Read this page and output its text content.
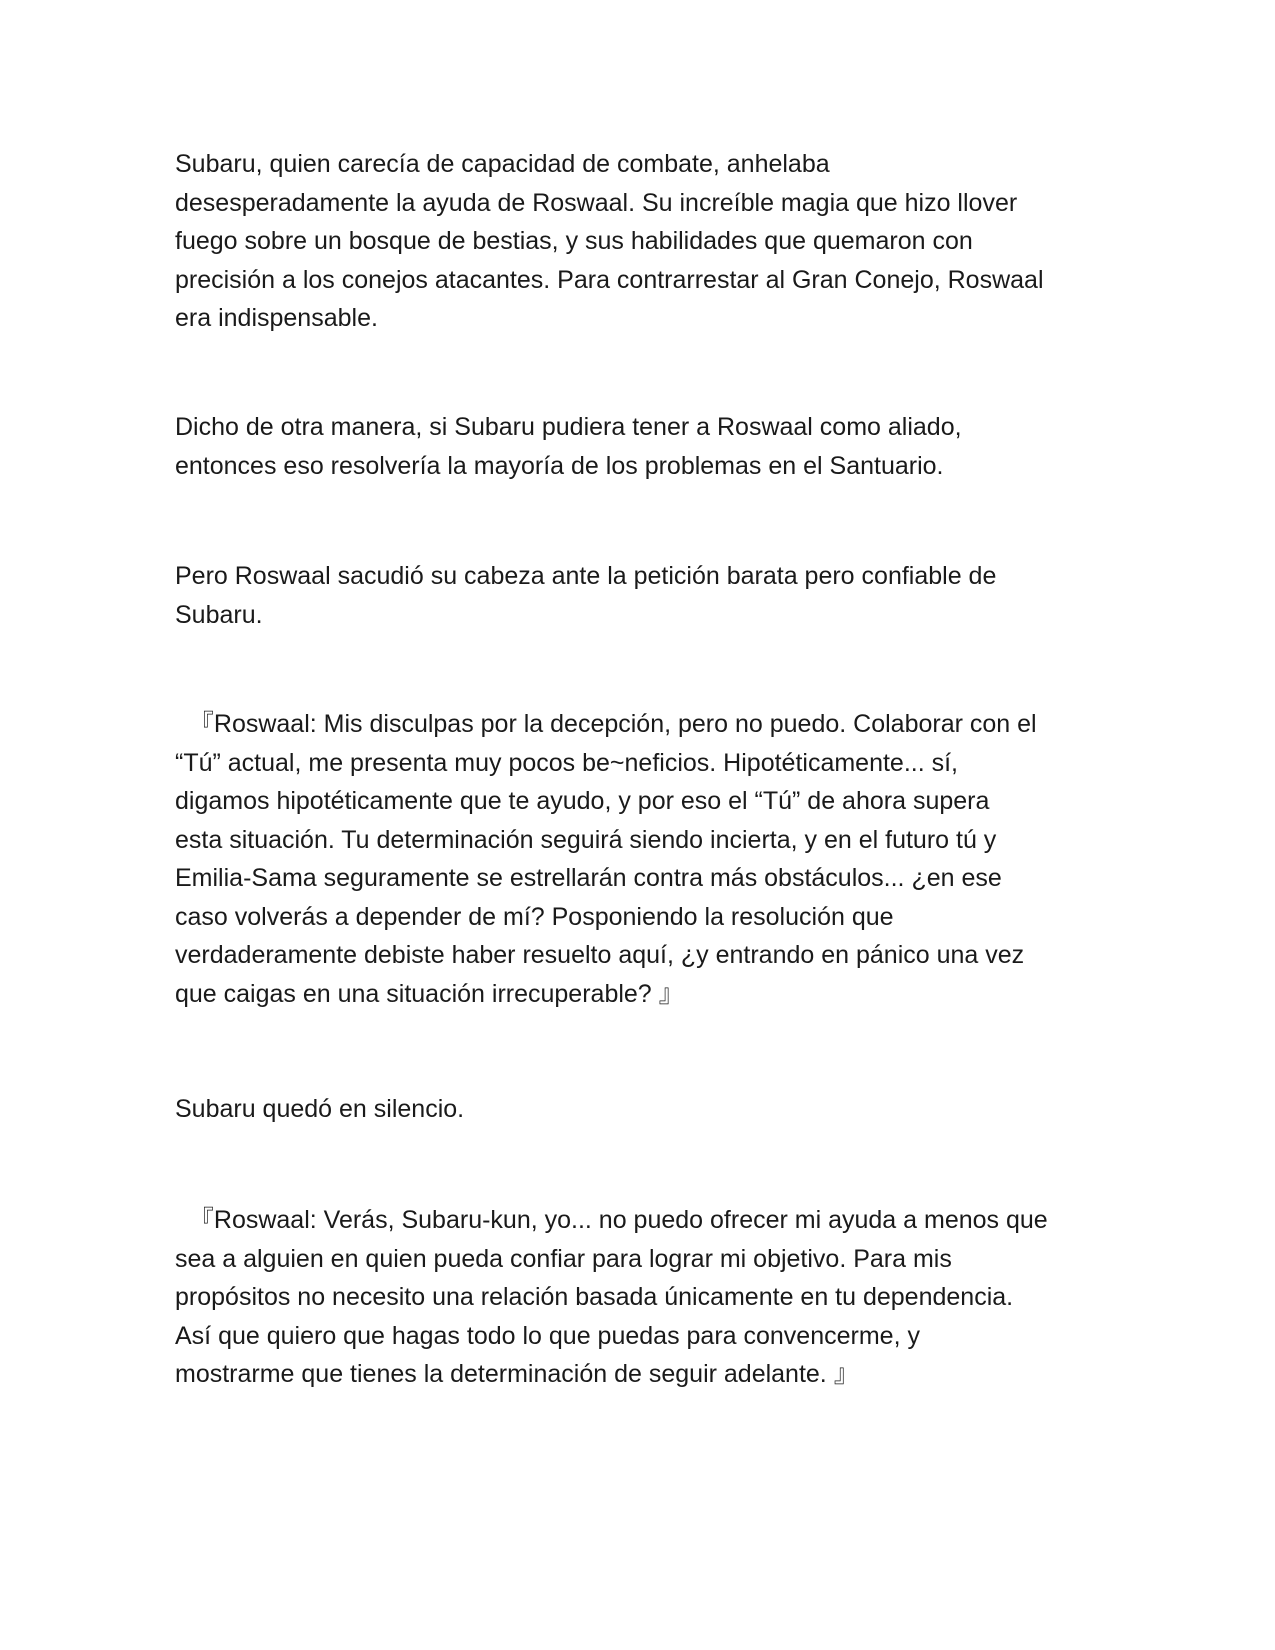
Subaru, quien carecía de capacidad de combate, anhelaba
desesperadamente la ayuda de Roswaal. Su increíble magia que hizo llover
fuego sobre un bosque de bestias, y sus habilidades que quemaron con
precisión a los conejos atacantes. Para contrarrestar al Gran Conejo, Roswaal
era indispensable.

Dicho de otra manera, si Subaru pudiera tener a Roswaal como aliado,
entonces eso resolvería la mayoría de los problemas en el Santuario.

Pero Roswaal sacudió su cabeza ante la petición barata pero confiable de
Subaru.

『Roswaal: Mis disculpas por la decepción, pero no puedo. Colaborar con el
“Tú” actual, me presenta muy pocos be~neficios. Hipotéticamente... sí,
digamos hipotéticamente que te ayudo, y por eso el “Tú” de ahora supera
esta situación. Tu determinación seguirá siendo incierta, y en el futuro tú y
Emilia-Sama seguramente se estrellarán contra más obstáculos... ¿en ese
caso volverás a depender de mí? Posponiendo la resolución que
verdaderamente debiste haber resuelto aquí, ¿y entrando en pánico una vez
que caigas en una situación irrecuperable? 』

Subaru quedó en silencio.

『Roswaal: Verás, Subaru-kun, yo... no puedo ofrecer mi ayuda a menos que
sea a alguien en quien pueda confiar para lograr mi objetivo. Para mis
propósitos no necesito una relación basada únicamente en tu dependencia.
Así que quiero que hagas todo lo que puedas para convencerme, y
mostrarme que tienes la determinación de seguir adelante. 』
